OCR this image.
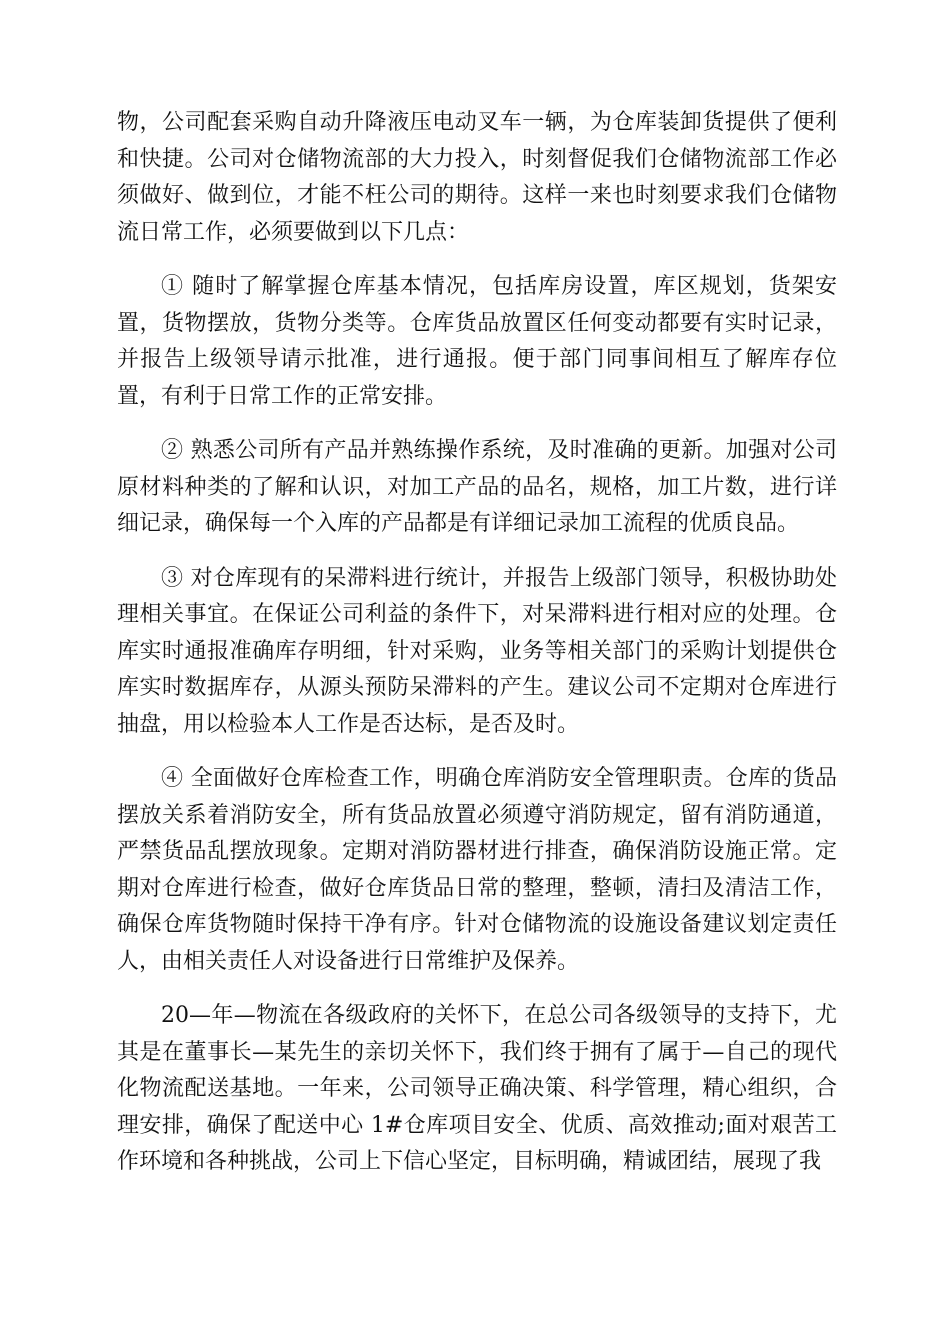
物，公司配套采购自动升降液压电动叉车一辆，为仓库装卸货提供了便利和快捷。公司对仓储物流部的大力投入，时刻督促我们仓储物流部工作必须做好、做到位，才能不枉公司的期待。这样一来也时刻要求我们仓储物流日常工作，必须要做到以下几点：

① 随时了解掌握仓库基本情况，包括库房设置，库区规划，货架安置，货物摆放，货物分类等。仓库货品放置区任何变动都要有实时记录，并报告上级领导请示批准，进行通报。便于部门同事间相互了解库存位置，有利于日常工作的正常安排。

② 熟悉公司所有产品并熟练操作系统，及时准确的更新。加强对公司原材料种类的了解和认识，对加工产品的品名，规格，加工片数，进行详细记录，确保每一个入库的产品都是有详细记录加工流程的优质良品。

③ 对仓库现有的呆滞料进行统计，并报告上级部门领导，积极协助处理相关事宜。在保证公司利益的条件下，对呆滞料进行相对应的处理。仓库实时通报准确库存明细，针对采购，业务等相关部门的采购计划提供仓库实时数据库存，从源头预防呆滞料的产生。建议公司不定期对仓库进行抽盘，用以检验本人工作是否达标，是否及时。

④ 全面做好仓库检查工作，明确仓库消防安全管理职责。仓库的货品摆放关系着消防安全，所有货品放置必须遵守消防规定，留有消防通道，严禁货品乱摆放现象。定期对消防器材进行排查，确保消防设施正常。定期对仓库进行检查，做好仓库货品日常的整理，整顿，清扫及清洁工作，确保仓库货物随时保持干净有序。针对仓储物流的设施设备建议划定责任人，由相关责任人对设备进行日常维护及保养。

20—年—物流在各级政府的关怀下，在总公司各级领导的支持下，尤其是在董事长—某先生的亲切关怀下，我们终于拥有了属于—自己的现代化物流配送基地。一年来，公司领导正确决策、科学管理，精心组织，合理安排，确保了配送中心 1#仓库项目安全、优质、高效推动;面对艰苦工作环境和各种挑战，公司上下信心坚定，目标明确，精诚团结，展现了我
